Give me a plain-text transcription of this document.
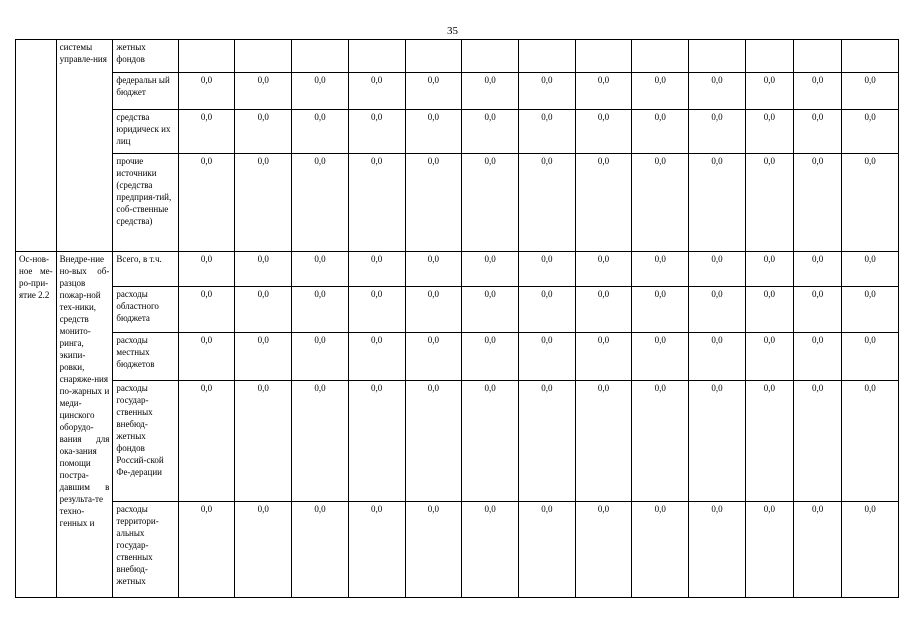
35
	системы управле-ния	жетных фондов													
		федеральн ый бюджет	0,0	0,0	0,0	0,0	0,0	0,0	0,0	0,0	0,0	0,0	0,0	0,0	0,0
		средства юридическ их лиц	0,0	0,0	0,0	0,0	0,0	0,0	0,0	0,0	0,0	0,0	0,0	0,0	0,0
		прочие источники (средства предприя-тий, соб-ственные средства)	0,0	0,0	0,0	0,0	0,0	0,0	0,0	0,0	0,0	0,0	0,0	0,0	0,0
Ос-нов-ное ме-ро-при-ятие 2.2	Внедре-ние но-вых об-разцов пожар-ной тех-ники, средств монито-ринга, экипи-ровки, снаряже-ния по-жарных и меди-цинского оборудо-вания для ока-зания помощи постра-давшим в результа-те техно-генных и	Всего, в т.ч.	0,0	0,0	0,0	0,0	0,0	0,0	0,0	0,0	0,0	0,0	0,0	0,0	0,0
		расходы областного бюджета	0,0	0,0	0,0	0,0	0,0	0,0	0,0	0,0	0,0	0,0	0,0	0,0	0,0
		расходы местных бюджетов	0,0	0,0	0,0	0,0	0,0	0,0	0,0	0,0	0,0	0,0	0,0	0,0	0,0
		расходы государ-ственных внебюд-жетных фондов Россий-ской Фе-дерации	0,0	0,0	0,0	0,0	0,0	0,0	0,0	0,0	0,0	0,0	0,0	0,0	0,0
		расходы территори-альных государ-ственных внебюд-жетных	0,0	0,0	0,0	0,0	0,0	0,0	0,0	0,0	0,0	0,0	0,0	0,0	0,0
